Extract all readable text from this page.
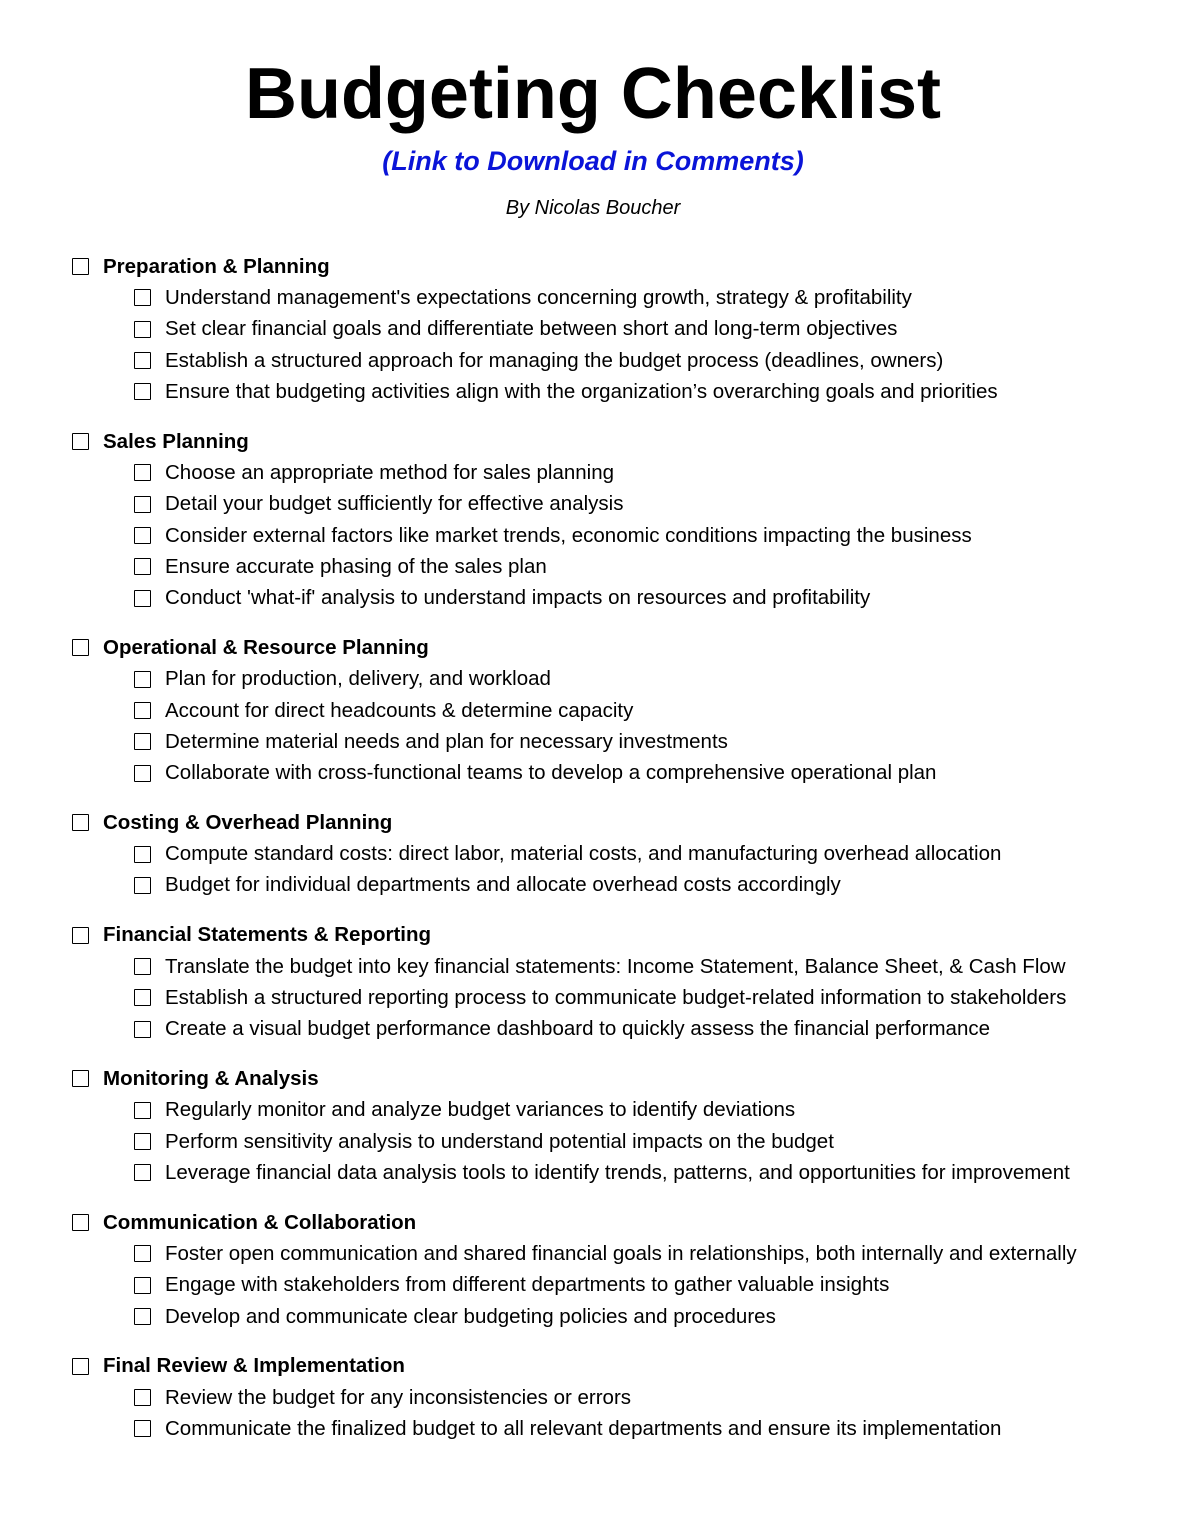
Budgeting Checklist
(Link to Download in Comments)
By Nicolas Boucher
Preparation & Planning
Understand management's expectations concerning growth, strategy & profitability
Set clear financial goals and differentiate between short and long-term objectives
Establish a structured approach for managing the budget process (deadlines, owners)
Ensure that budgeting activities align with the organization’s overarching goals and priorities
Sales Planning
Choose an appropriate method for sales planning
Detail your budget sufficiently for effective analysis
Consider external factors like market trends, economic conditions impacting the business
Ensure accurate phasing of the sales plan
Conduct 'what-if' analysis to understand impacts on resources and profitability
Operational & Resource Planning
Plan for production, delivery, and workload
Account for direct headcounts & determine capacity
Determine material needs and plan for necessary investments
Collaborate with cross-functional teams to develop a comprehensive operational plan
Costing & Overhead Planning
Compute standard costs: direct labor, material costs, and manufacturing overhead allocation
Budget for individual departments and allocate overhead costs accordingly
Financial Statements & Reporting
Translate the budget into key financial statements: Income Statement, Balance Sheet, & Cash Flow
Establish a structured reporting process to communicate budget-related information to stakeholders
Create a visual budget performance dashboard to quickly assess the financial performance
Monitoring & Analysis
Regularly monitor and analyze budget variances to identify deviations
Perform sensitivity analysis to understand potential impacts on the budget
Leverage financial data analysis tools to identify trends, patterns, and opportunities for improvement
Communication & Collaboration
Foster open communication and shared financial goals in relationships, both internally and externally
Engage with stakeholders from different departments to gather valuable insights
Develop and communicate clear budgeting policies and procedures
Final Review & Implementation
Review the budget for any inconsistencies or errors
Communicate the finalized budget to all relevant departments and ensure its implementation
